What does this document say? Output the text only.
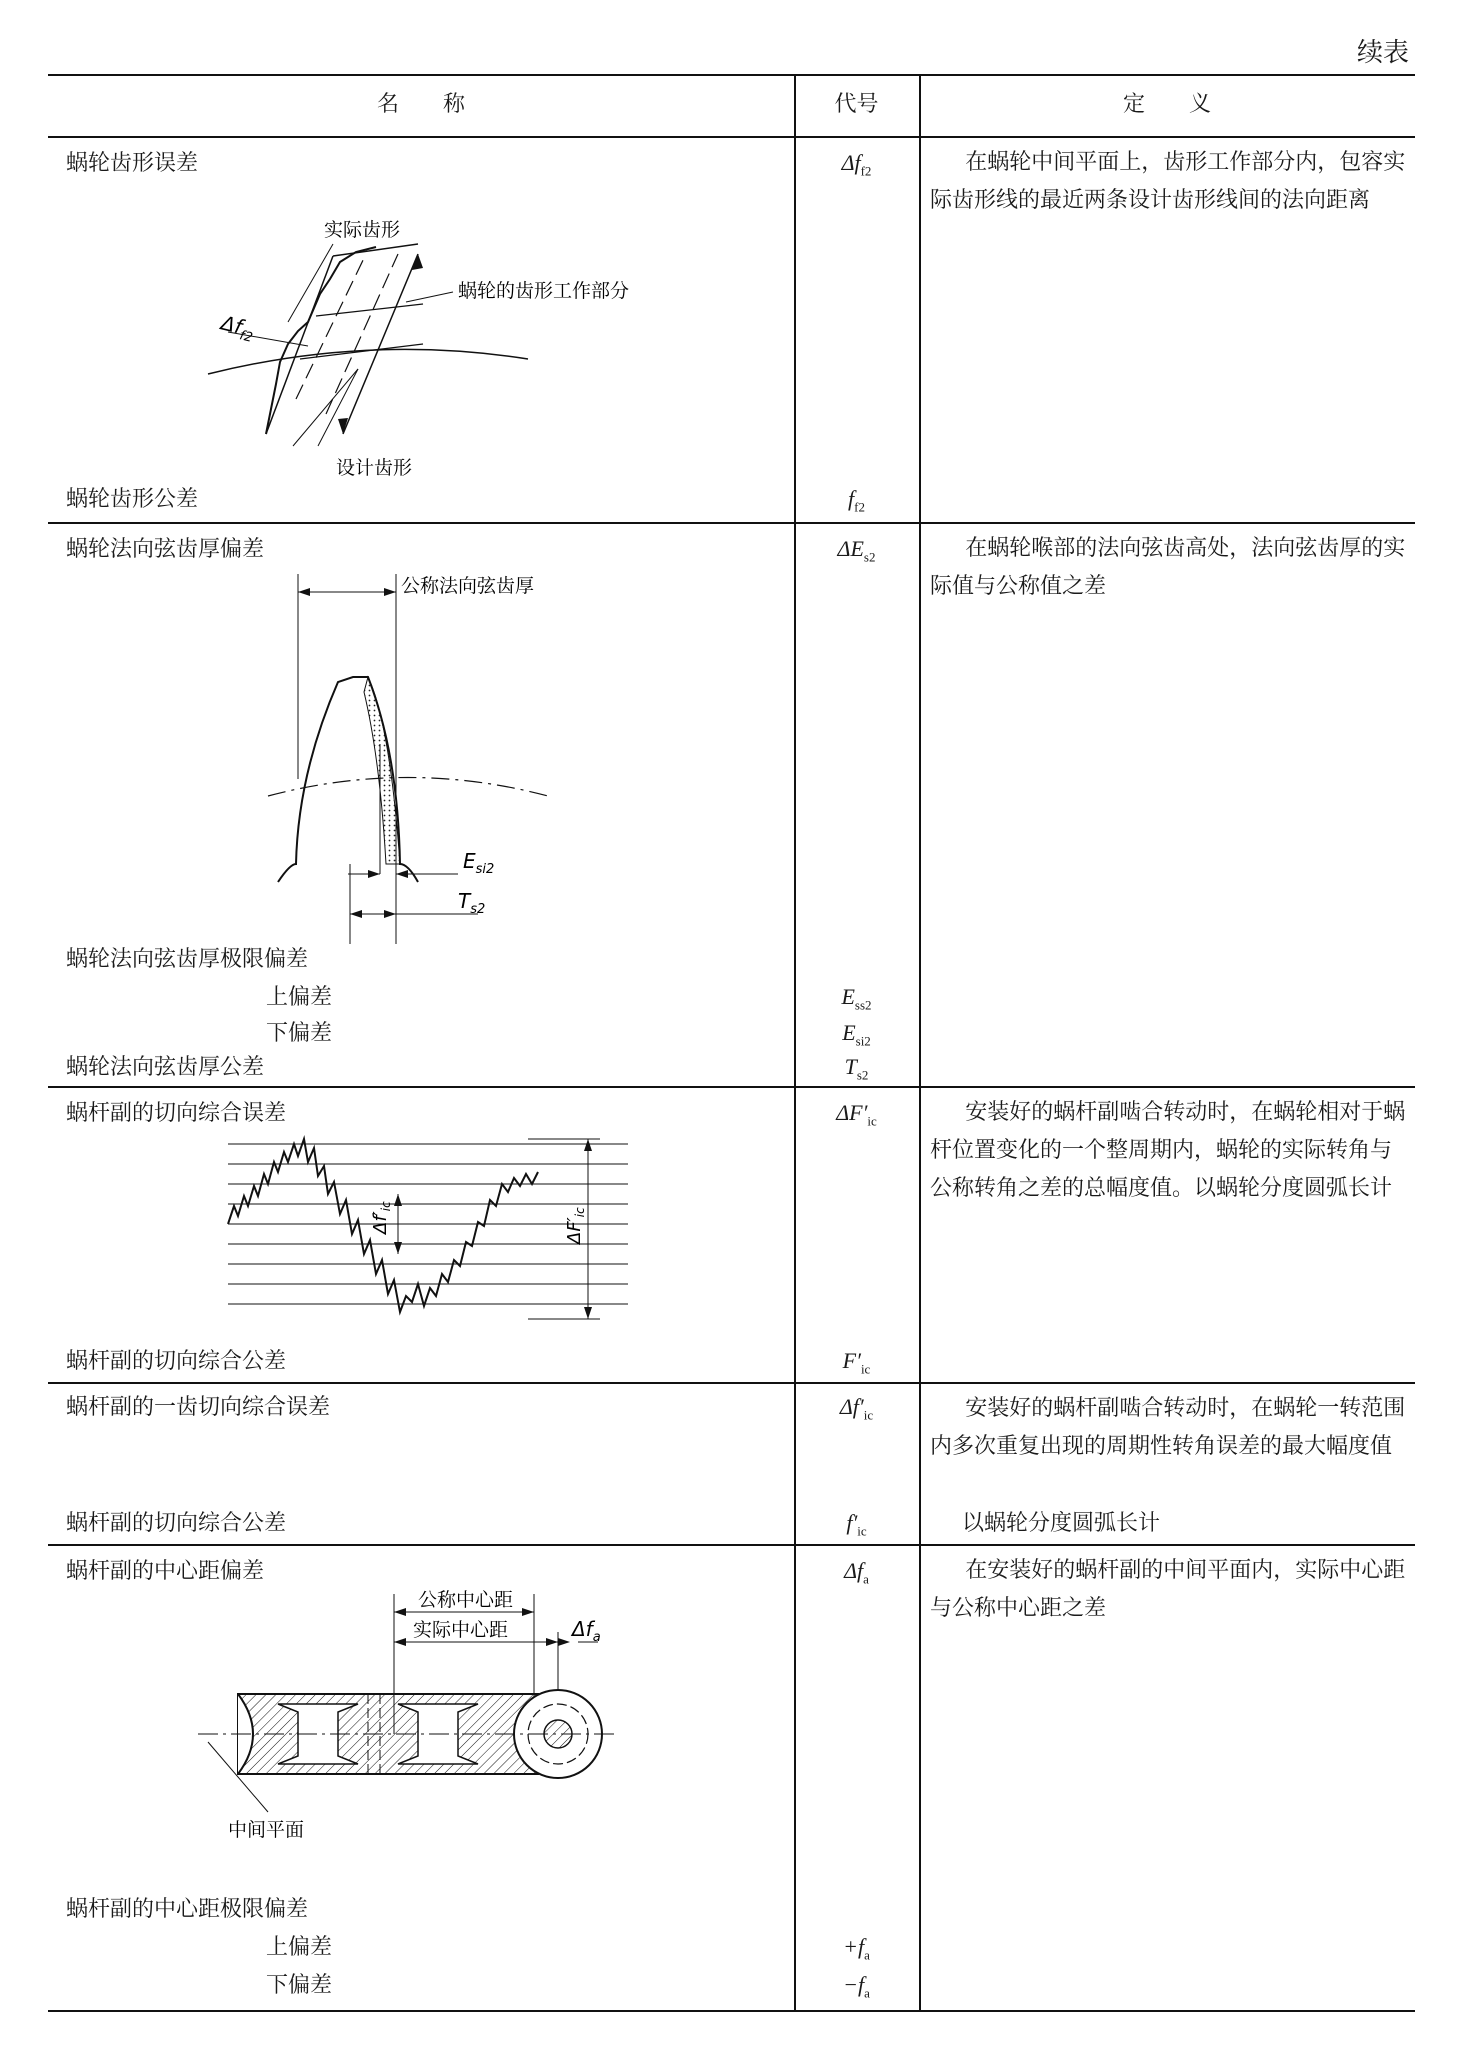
续表
名　　称	代号	定　　义
蜗轮齿形误差	$\Delta f_{f2}$	在蜗轮中间平面上，齿形工作部分内，包容实际齿形线的最近两条设计齿形线间的法向距离
实际齿形
蜗轮的齿形工作部分
设计齿形
$\Delta f_{f2}$
蜗轮齿形公差	$f_{f2}$
蜗轮法向弦齿厚偏差	$\Delta E_{s2}$	在蜗轮喉部的法向弦齿高处，法向弦齿厚的实际值与公称值之差
公称法向弦齿厚
$E_{si2}$
$T_{s2}$
蜗轮法向弦齿厚极限偏差
上偏差	$E_{ss2}$
下偏差	$E_{si2}$
蜗轮法向弦齿厚公差	$T_{s2}$
蜗杆副的切向综合误差	$\Delta F'_{ic}$	安装好的蜗杆副啮合转动时，在蜗轮相对于蜗杆位置变化的一个整周期内，蜗轮的实际转角与公称转角之差的总幅度值。以蜗轮分度圆弧长计
$\Delta f'_{ic}$
$\Delta F'_{ic}$
蜗杆副的切向综合公差	$F'_{ic}$
蜗杆副的一齿切向综合误差	$\Delta f'_{ic}$	安装好的蜗杆副啮合转动时，在蜗轮一转范围内多次重复出现的周期性转角误差的最大幅度值
蜗杆副的切向综合公差	$f'_{ic}$	以蜗轮分度圆弧长计
蜗杆副的中心距偏差	$\Delta f_a$	在安装好的蜗杆副的中间平面内，实际中心距与公称中心距之差
公称中心距
实际中心距	$\Delta f_a$
中间平面
蜗杆副的中心距极限偏差
上偏差	$+f_a$
下偏差	$-f_a$
